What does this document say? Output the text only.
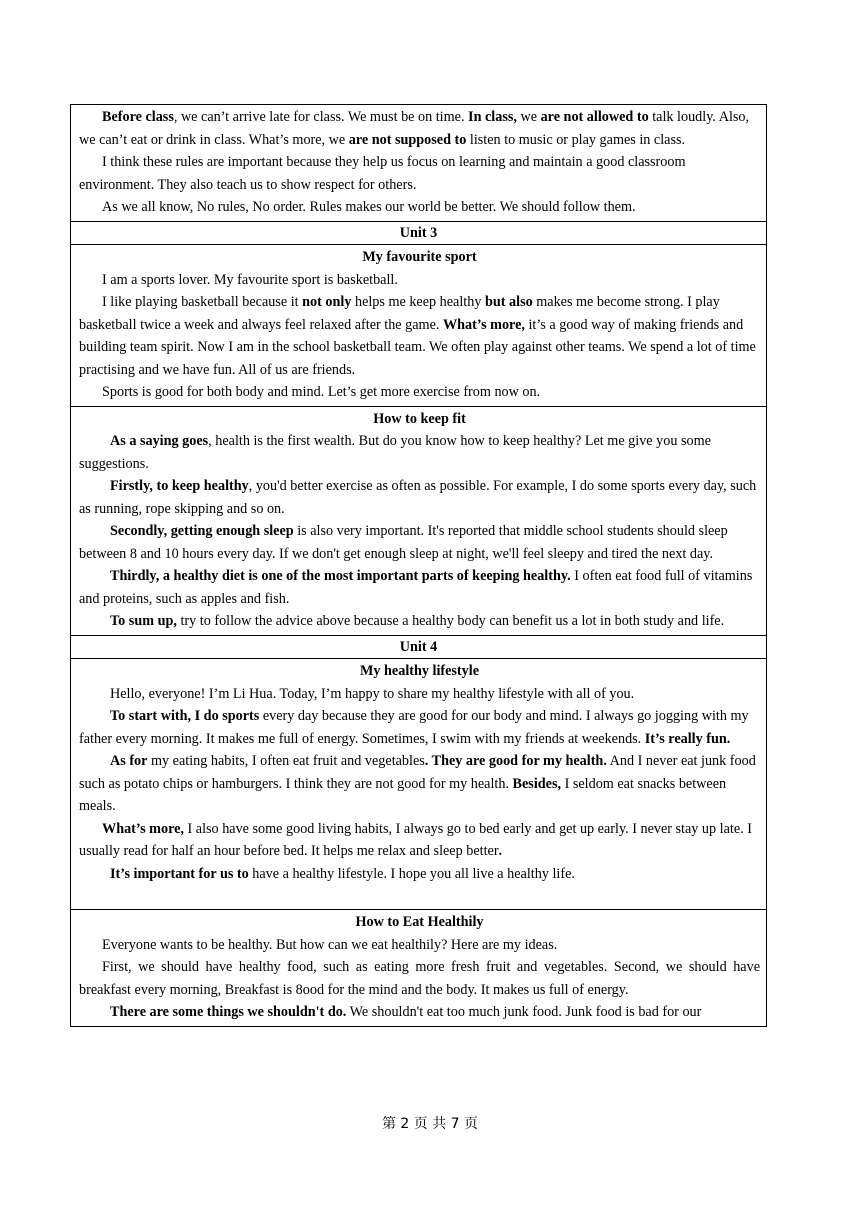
Before class, we can’t arrive late for class. We must be on time. In class, we are not allowed to talk loudly. Also, we can’t eat or drink in class. What’s more, we are not supposed to listen to music or play games in class.

I think these rules are important because they help us focus on learning and maintain a good classroom environment. They also teach us to show respect for others.

As we all know, No rules, No order. Rules makes our world be better. We should follow them.

Unit 3

My favourite sport

I am a sports lover. My favourite sport is basketball.

I like playing basketball because it not only helps me keep healthy but also makes me become strong. I play basketball twice a week and always feel relaxed after the game. What’s more, it’s a good way of making friends and building team spirit. Now I am in the school basketball team. We often play against other teams. We spend a lot of time practising and we have fun. All of us are friends.

Sports is good for both body and mind. Let’s get more exercise from now on.

How to keep fit

As a saying goes, health is the first wealth. But do you know how to keep healthy? Let me give you some suggestions.

Firstly, to keep healthy, you'd better exercise as often as possible. For example, I do some sports every day, such as running, rope skipping and so on.

Secondly, getting enough sleep is also very important. It's reported that middle school students should sleep between 8 and 10 hours every day. If we don't get enough sleep at night, we'll feel sleepy and tired the next day.

Thirdly, a healthy diet is one of the most important parts of keeping healthy. I often eat food full of vitamins and proteins, such as apples and fish.

To sum up, try to follow the advice above because a healthy body can benefit us a lot in both study and life.

Unit 4

My healthy lifestyle

Hello, everyone! I’m Li Hua. Today, I’m happy to share my healthy lifestyle with all of you.

To start with, I do sports every day because they are good for our body and mind. I always go jogging with my father every morning. It makes me full of energy. Sometimes, I swim with my friends at weekends. It’s really fun.

As for my eating habits, I often eat fruit and vegetables. They are good for my health. And I never eat junk food such as potato chips or hamburgers. I think they are not good for my health. Besides, I seldom eat snacks between meals.

What’s more, I also have some good living habits, I always go to bed early and get up early. I never stay up late. I usually read for half an hour before bed. It helps me relax and sleep better.

It’s important for us to have a healthy lifestyle. I hope you all live a healthy life.

How to Eat Healthily

Everyone wants to be healthy. But how can we eat healthily? Here are my ideas.

First, we should have healthy food, such as eating more fresh fruit and vegetables. Second, we should have breakfast every morning, Breakfast is 8ood for the mind and the body. It makes us full of energy.

There are some things we shouldn't do. We shouldn't eat too much junk food. Junk food is bad for our

第 2 页 共 7 页
